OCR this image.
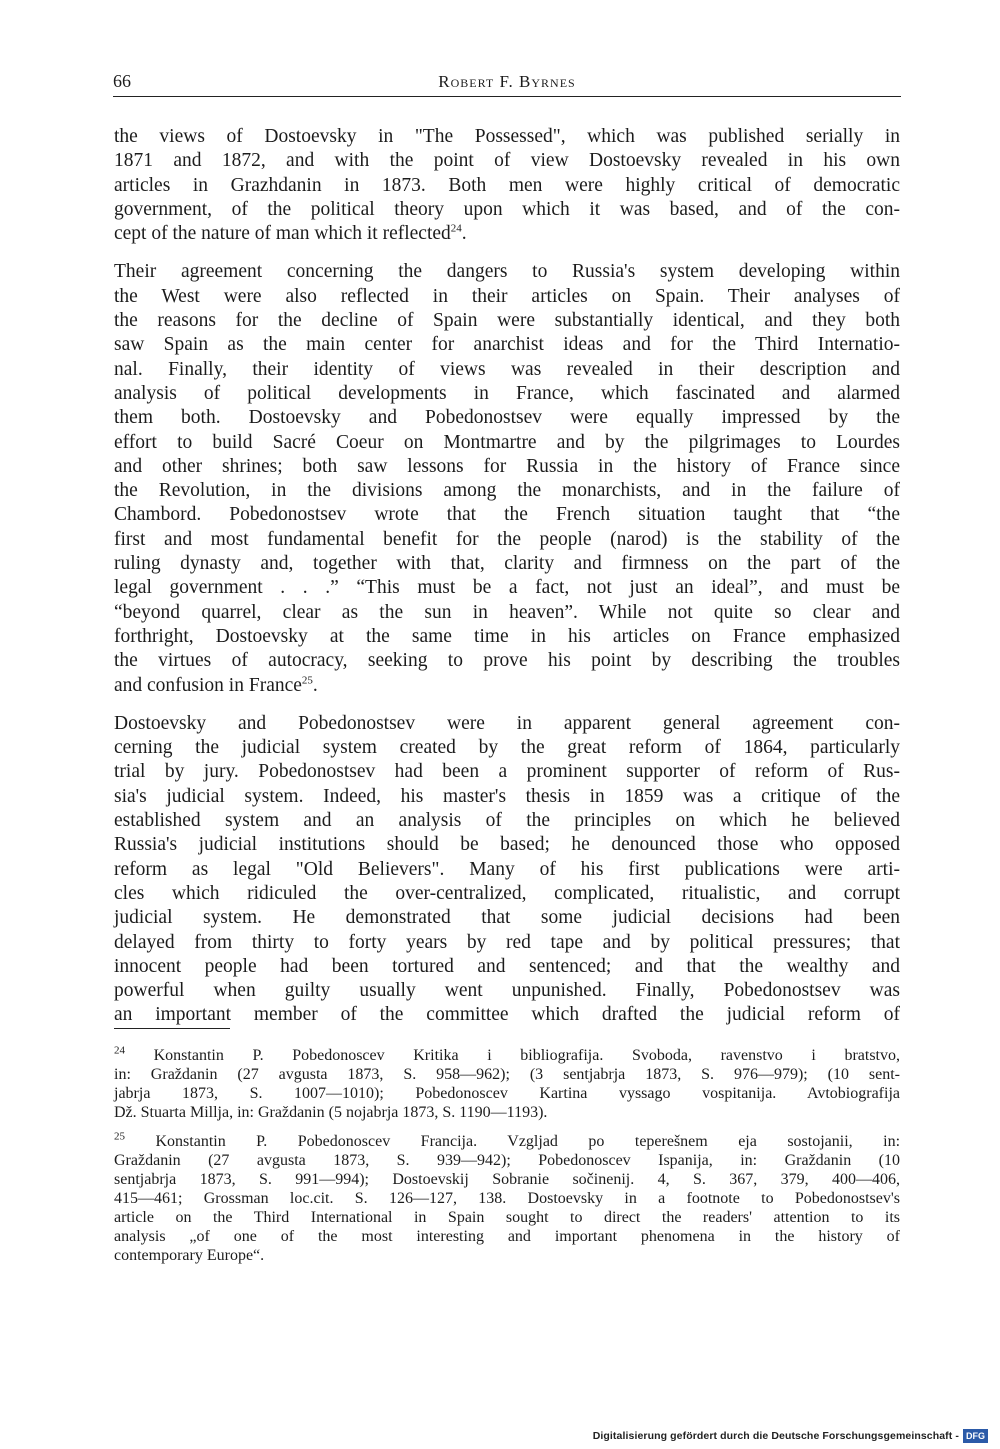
66	Robert F. Byrnes

the views of Dostoevsky in "The Possessed", which was published serially in
1871 and 1872, and with the point of view Dostoevsky revealed in his own
articles in Grazhdanin in 1873. Both men were highly critical of democratic
government, of the political theory upon which it was based, and of the con-
cept of the nature of man which it reflected$^{24}$.

Their agreement concerning the dangers to Russia's system developing within
the West were also reflected in their articles on Spain. Their analyses of
the reasons for the decline of Spain were substantially identical, and they both
saw Spain as the main center for anarchist ideas and for the Third Internatio-
nal. Finally, their identity of views was revealed in their description and
analysis of political developments in France, which fascinated and alarmed
them both. Dostoevsky and Pobedonostsev were equally impressed by the
effort to build Sacré Coeur on Montmartre and by the pilgrimages to Lourdes
and other shrines; both saw lessons for Russia in the history of France since
the Revolution, in the divisions among the monarchists, and in the failure of
Chambord. Pobedonostsev wrote that the French situation taught that “the
first and most fundamental benefit for the people (narod) is the stability of the
ruling dynasty and, together with that, clarity and firmness on the part of the
legal government . . .” “This must be a fact, not just an ideal”, and must be
“beyond quarrel, clear as the sun in heaven”. While not quite so clear and
forthright, Dostoevsky at the same time in his articles on France emphasized
the virtues of autocracy, seeking to prove his point by describing the troubles
and confusion in France$^{25}$.

Dostoevsky and Pobedonostsev were in apparent general agreement con-
cerning the judicial system created by the great reform of 1864, particularly
trial by jury. Pobedonostsev had been a prominent supporter of reform of Rus-
sia's judicial system. Indeed, his master's thesis in 1859 was a critique of the
established system and an analysis of the principles on which he believed
Russia's judicial institutions should be based; he denounced those who opposed
reform as legal "Old Believers". Many of his first publications were arti-
cles which ridiculed the over-centralized, complicated, ritualistic, and corrupt
judicial system. He demonstrated that some judicial decisions had been
delayed from thirty to forty years by red tape and by political pressures; that
innocent people had been tortured and sentenced; and that the wealthy and
powerful when guilty usually went unpunished. Finally, Pobedonostsev was
an important member of the committee which drafted the judicial reform of

$^{24}$ Konstantin P. Pobedonoscev Kritika i bibliografija. Svoboda, ravenstvo i bratstvo,
in: Graždanin (27 avgusta 1873, S. 958—962); (3 sentjabrja 1873, S. 976—979); (10 sent-
jabrja 1873, S. 1007—1010); Pobedonoscev Kartina vyssago vospitanija. Avtobiografija
Dž. Stuarta Millja, in: Graždanin (5 nojabrja 1873, S. 1190—1193).

$^{25}$ Konstantin P. Pobedonoscev Francija. Vzgljad po teperešnem eja sostojanii, in:
Graždanin (27 avgusta 1873, S. 939—942); Pobedonoscev Ispanija, in: Graždanin (10
sentjabrja 1873, S. 991—994); Dostoevskij Sobranie sočinenij. 4, S. 367, 379, 400—406,
415—461; Grossman loc.cit. S. 126—127, 138. Dostoevsky in a footnote to Pobedonostsev's
article on the Third International in Spain sought to direct the readers' attention to its
analysis „of one of the most interesting and important phenomena in the history of
contemporary Europe“.

Digitalisierung gefördert durch die Deutsche Forschungsgemeinschaft - DFG
